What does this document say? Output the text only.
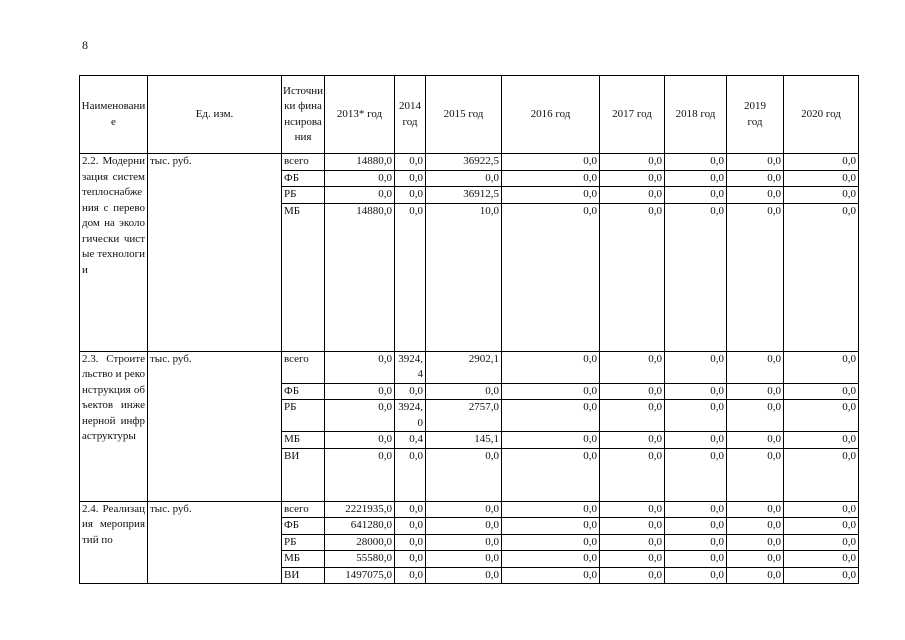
8
Наименование	Ед. изм.	Источники финансирования	2013* год	2014 год	2015 год	2016 год	2017 год	2018 год	2019 год	2020 год
2.2. Модернизация систем теплоснабжения с переводом на экологически чистые технологии	тыс. руб.	всего	14880,0	0,0	36922,5	0,0	0,0	0,0	0,0	0,0
		ФБ	0,0	0,0	0,0	0,0	0,0	0,0	0,0	0,0
		РБ	0,0	0,0	36912,5	0,0	0,0	0,0	0,0	0,0
		МБ	14880,0	0,0	10,0	0,0	0,0	0,0	0,0	0,0
2.3. Строительство и реконструкция объектов инженерной инфраструктуры	тыс. руб.	всего	0,0	3924,4	2902,1	0,0	0,0	0,0	0,0	0,0
		ФБ	0,0	0,0	0,0	0,0	0,0	0,0	0,0	0,0
		РБ	0,0	3924,0	2757,0	0,0	0,0	0,0	0,0	0,0
		МБ	0,0	0,4	145,1	0,0	0,0	0,0	0,0	0,0
		ВИ	0,0	0,0	0,0	0,0	0,0	0,0	0,0	0,0
2.4. Реализация мероприятий по	тыс. руб.	всего	2221935,0	0,0	0,0	0,0	0,0	0,0	0,0	0,0
		ФБ	641280,0	0,0	0,0	0,0	0,0	0,0	0,0	0,0
		РБ	28000,0	0,0	0,0	0,0	0,0	0,0	0,0	0,0
		МБ	55580,0	0,0	0,0	0,0	0,0	0,0	0,0	0,0
		ВИ	1497075,0	0,0	0,0	0,0	0,0	0,0	0,0	0,0
